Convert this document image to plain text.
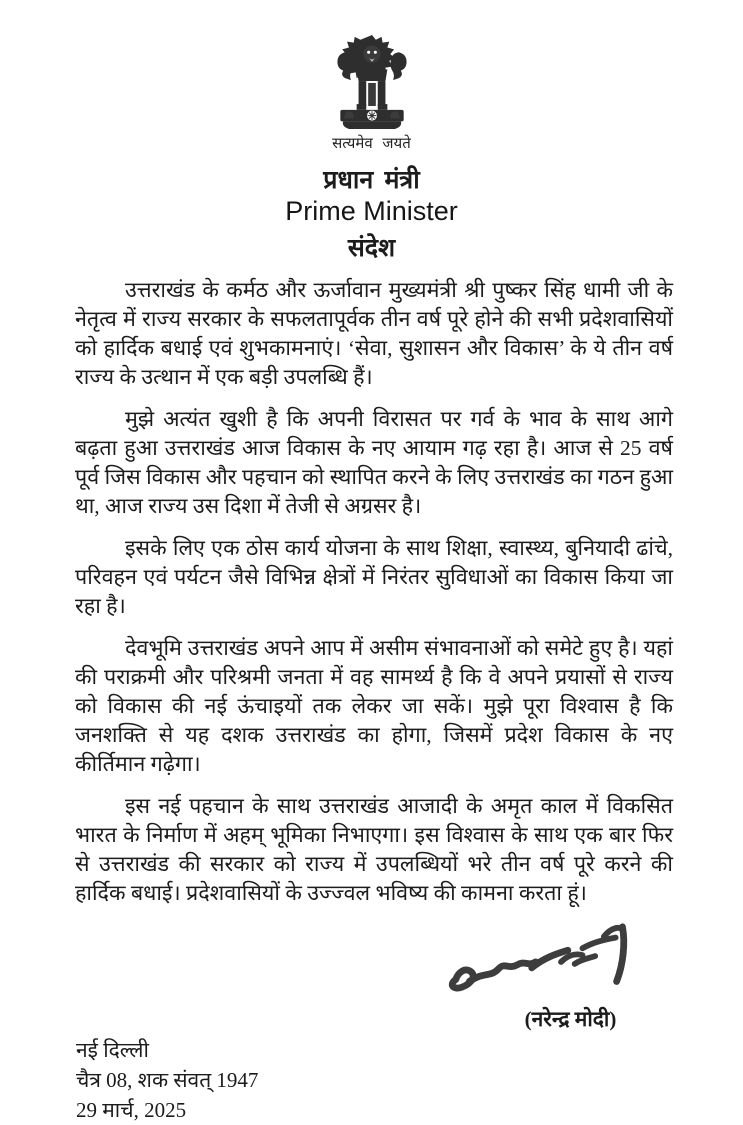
सत्यमेव जयते
प्रधान मंत्री
Prime Minister
संदेश

उत्तराखंड के कर्मठ और ऊर्जावान मुख्यमंत्री श्री पुष्कर सिंह धामी जी के नेतृत्व में राज्य सरकार के सफलतापूर्वक तीन वर्ष पूरे होने की सभी प्रदेशवासियों को हार्दिक बधाई एवं शुभकामनाएं। ‘सेवा, सुशासन और विकास’ के ये तीन वर्ष राज्य के उत्थान में एक बड़ी उपलब्धि हैं।

मुझे अत्यंत खुशी है कि अपनी विरासत पर गर्व के भाव के साथ आगे बढ़ता हुआ उत्तराखंड आज विकास के नए आयाम गढ़ रहा है। आज से 25 वर्ष पूर्व जिस विकास और पहचान को स्थापित करने के लिए उत्तराखंड का गठन हुआ था, आज राज्य उस दिशा में तेजी से अग्रसर है।

इसके लिए एक ठोस कार्य योजना के साथ शिक्षा, स्वास्थ्य, बुनियादी ढांचे, परिवहन एवं पर्यटन जैसे विभिन्न क्षेत्रों में निरंतर सुविधाओं का विकास किया जा रहा है।

देवभूमि उत्तराखंड अपने आप में असीम संभावनाओं को समेटे हुए है। यहां की पराक्रमी और परिश्रमी जनता में वह सामर्थ्य है कि वे अपने प्रयासों से राज्य को विकास की नई ऊंचाइयों तक लेकर जा सकें। मुझे पूरा विश्वास है कि जनशक्ति से यह दशक उत्तराखंड का होगा, जिसमें प्रदेश विकास के नए कीर्तिमान गढ़ेगा।

इस नई पहचान के साथ उत्तराखंड आजादी के अमृत काल में विकसित भारत के निर्माण में अहम् भूमिका निभाएगा। इस विश्वास के साथ एक बार फिर से उत्तराखंड की सरकार को राज्य में उपलब्धियों भरे तीन वर्ष पूरे करने की हार्दिक बधाई। प्रदेशवासियों के उज्ज्वल भविष्य की कामना करता हूं।

(नरेन्द्र मोदी)
नई दिल्ली
चैत्र 08, शक संवत् 1947
29 मार्च, 2025
